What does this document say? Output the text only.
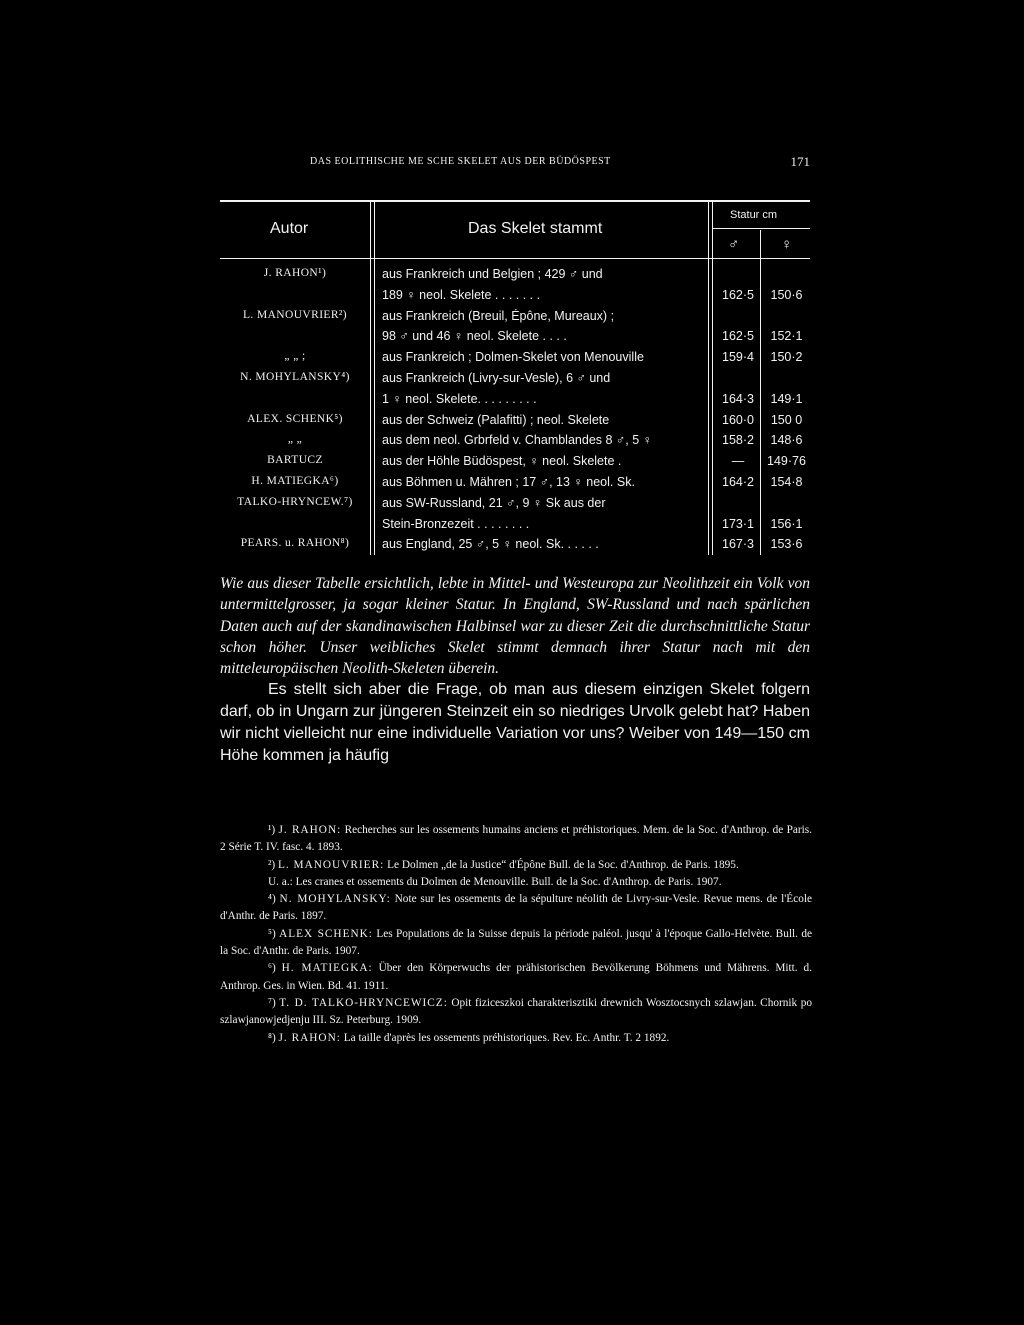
DAS EOLITHISCHE ME SCHE SKELET AUS DER BÜDÖSPEST	171
Autor	Das Skelet stammt
Statur cm
♂	♀
J. RAHON¹)	aus Frankreich und Belgien ; 429 ♂ und
189 ♀ neol. Skelete . . . . . . .	162·5	150·6
L. MANOUVRIER²)	aus Frankreich (Breuil, Épône, Mureaux) ;
98 ♂ und 46 ♀ neol. Skelete . . . .	162·5	152·1
„ „ ;	aus Frankreich ; Dolmen-Skelet von Menouville	159·4	150·2
N. MOHYLANSKY⁴)	aus Frankreich (Livry-sur-Vesle), 6 ♂ und
1 ♀ neol. Skelete. . . . . . . . .	164·3	149·1
ALEX. SCHENK⁵)	aus der Schweiz (Palafitti) ; neol. Skelete	160·0	150 0
„ „	aus dem neol. Grbrfeld v. Chamblandes 8 ♂, 5 ♀	158·2	148·6
BARTUCZ	aus der Höhle Büdöspest, ♀ neol. Skelete .	—	149·76
H. MATIEGKA⁶)	aus Böhmen u. Mähren ; 17 ♂, 13 ♀ neol. Sk.	164·2	154·8
TALKO-HRYNCEW.⁷)	aus SW-Russland, 21 ♂, 9 ♀ Sk aus der
Stein-Bronzezeit . . . . . . . .	173·1	156·1
PEARS. u. RAHON⁸)	aus England, 25 ♂, 5 ♀ neol. Sk. . . . . .	167·3	153·6

Wie aus dieser Tabelle ersichtlich, lebte in Mittel- und Westeuropa zur Neolithzeit ein Volk von untermittelgrosser, ja sogar kleiner Statur. In England, SW-Russland und nach spärlichen Daten auch auf der skandinawischen Halbinsel war zu dieser Zeit die durchschnittliche Statur schon höher. Unser weibliches Skelet stimmt demnach ihrer Statur nach mit den mitteleuropäischen Neolith-Skeleten überein.

Es stellt sich aber die Frage, ob man aus diesem einzigen Skelet folgern darf, ob in Ungarn zur jüngeren Steinzeit ein so niedriges Urvolk gelebt hat? Haben wir nicht vielleicht nur eine individuelle Variation vor uns? Weiber von 149—150 cm Höhe kommen ja häufig

¹) J. RAHON: Recherches sur les ossements humains anciens et préhistoriques. Mem. de la Soc. d'Anthrop. de Paris. 2 Série T. IV. fasc. 4. 1893.

²) L. MANOUVRIER: Le Dolmen „de la Justice“ d'Épône Bull. de la Soc. d'Anthrop. de Paris. 1895.

U. a.: Les cranes et ossements du Dolmen de Menouville. Bull. de la Soc. d'Anthrop. de Paris. 1907.

⁴) N. MOHYLANSKY: Note sur les ossements de la sépulture néolith de Livry-sur-Vesle. Revue mens. de l'École d'Anthr. de Paris. 1897.

⁵) ALEX SCHENK: Les Populations de la Suisse depuis la période paléol. jusqu' à l'époque Gallo-Helvète. Bull. de la Soc. d'Anthr. de Paris. 1907.

⁶) H. MATIEGKA: Über den Körperwuchs der prähistorischen Bevölkerung Böhmens und Mährens. Mitt. d. Anthrop. Ges. in Wien. Bd. 41. 1911.

⁷) T. D. TALKO-HRYNCEWICZ: Opit fiziceszkoi charakterisztiki drewnich Wosztocsnych szlawjan. Chornik po szlawjanowjedjenju III. Sz. Peterburg. 1909.

⁸) J. RAHON: La taille d'après les ossements préhistoriques. Rev. Ec. Anthr. T. 2 1892.
